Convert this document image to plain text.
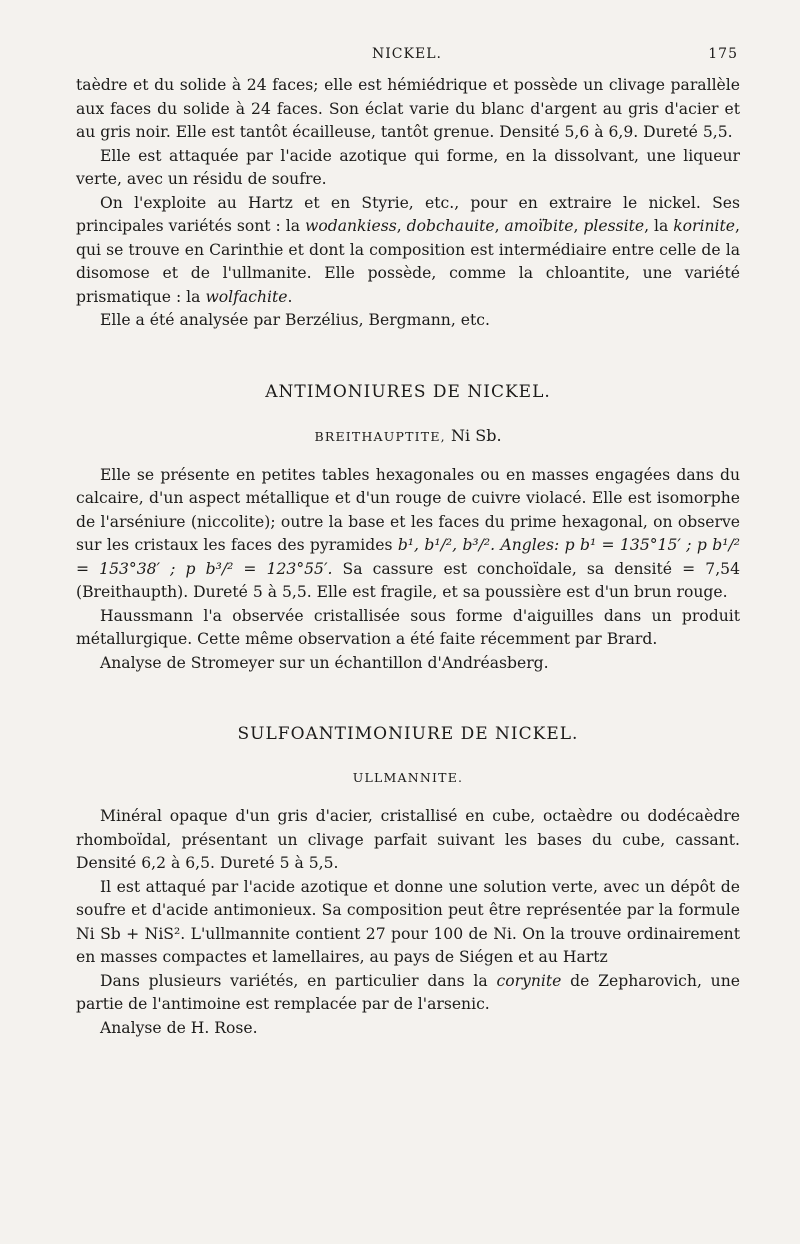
NICKEL.	175

taèdre et du solide à 24 faces; elle est hémiédrique et possède un clivage parallèle aux faces du solide à 24 faces. Son éclat varie du blanc d'argent au gris d'acier et au gris noir. Elle est tantôt écailleuse, tantôt grenue. Densité 5,6 à 6,9. Dureté 5,5.

Elle est attaquée par l'acide azotique qui forme, en la dissolvant, une liqueur verte, avec un résidu de soufre.

On l'exploite au Hartz et en Styrie, etc., pour en extraire le nickel. Ses principales variétés sont : la wodankiess, dobchauite, amoïbite, plessite, la korinite, qui se trouve en Carinthie et dont la composition est intermédiaire entre celle de la disomose et de l'ullmanite. Elle possède, comme la chloantite, une variété prismatique : la wolfachite.

Elle a été analysée par Berzélius, Bergmann, etc.

ANTIMONIURES DE NICKEL.
BREITHAUPTITE, Ni Sb.

Elle se présente en petites tables hexagonales ou en masses engagées dans du calcaire, d'un aspect métallique et d'un rouge de cuivre violacé. Elle est isomorphe de l'arséniure (niccolite); outre la base et les faces du prime hexagonal, on observe sur les cristaux les faces des pyramides b¹, b¹/², b³/². Angles: p b¹ = 135°15′ ; p b¹/² = 153°38′ ; p b³/² = 123°55′. Sa cassure est conchoïdale, sa densité = 7,54 (Breithaupth). Dureté 5 à 5,5. Elle est fragile, et sa poussière est d'un brun rouge.

Haussmann l'a observée cristallisée sous forme d'aiguilles dans un produit métallurgique. Cette même observation a été faite récemment par Brard.

Analyse de Stromeyer sur un échantillon d'Andréasberg.

SULFOANTIMONIURE DE NICKEL.
ULLMANNITE.

Minéral opaque d'un gris d'acier, cristallisé en cube, octaèdre ou dodécaèdre rhomboïdal, présentant un clivage parfait suivant les bases du cube, cassant. Densité 6,2 à 6,5. Dureté 5 à 5,5.

Il est attaqué par l'acide azotique et donne une solution verte, avec un dépôt de soufre et d'acide antimonieux. Sa composition peut être représentée par la formule Ni Sb + NiS². L'ullmannite contient 27 pour 100 de Ni. On la trouve ordinairement en masses compactes et lamellaires, au pays de Siégen et au Hartz

Dans plusieurs variétés, en particulier dans la corynite de Zepharovich, une partie de l'antimoine est remplacée par de l'arsenic.

Analyse de H. Rose.
